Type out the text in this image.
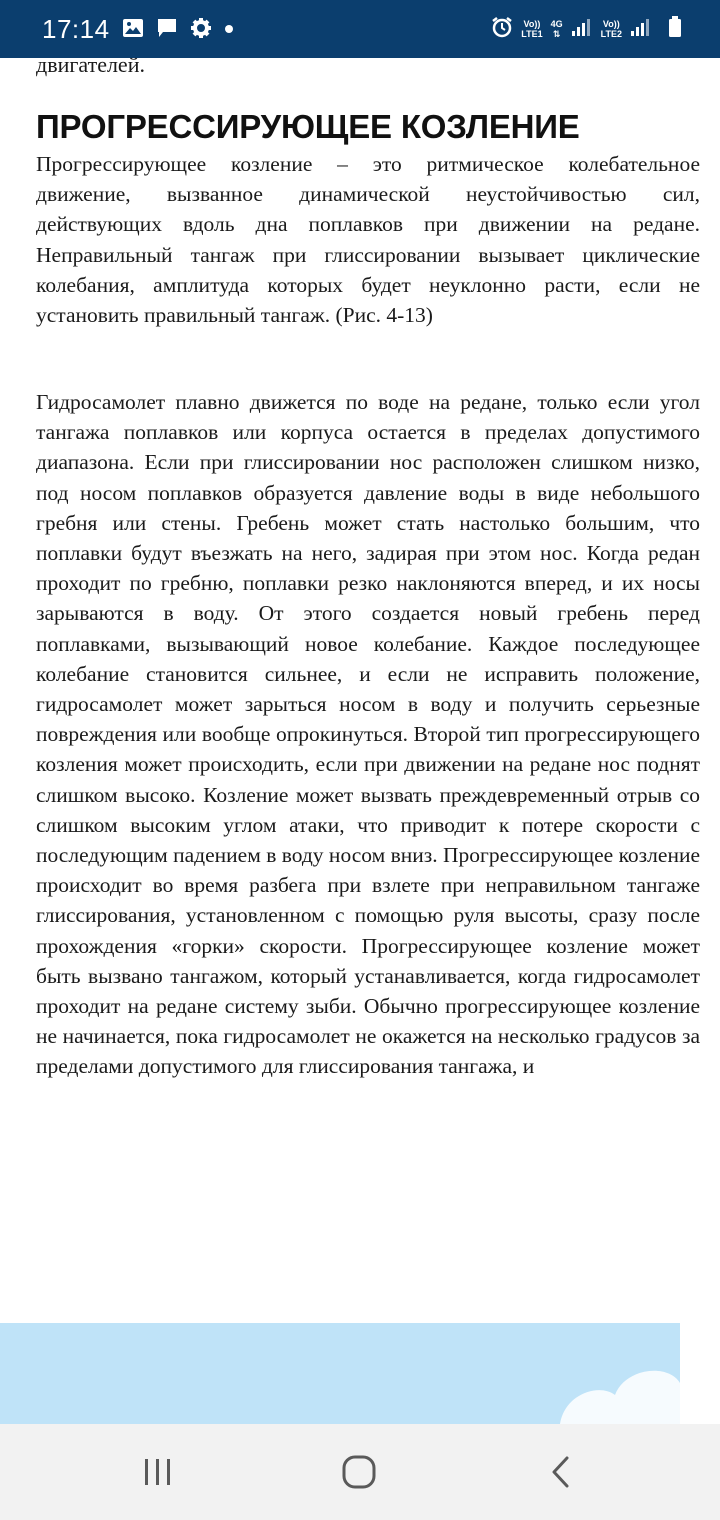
17:14	Vo))
LTE1
4G
⇅
Vo))
LTE2

двигателей.

ПРОГРЕССИРУЮЩЕЕ КОЗЛЕНИЕ

Прогрессирующее козление – это ритмическое колебательное движение, вызванное динамической неустойчивостью сил, действующих вдоль дна поплавков при движении на редане. Неправильный тангаж при глиссировании вызывает циклические колебания, амплитуда которых будет неуклонно расти, если не установить правильный тангаж. (Рис. 4-13)

Гидросамолет плавно движется по воде на редане, только если угол тангажа поплавков или корпуса остается в пределах допустимого диапазона. Если при глиссировании нос расположен слишком низко, под носом поплавков образуется давление воды в виде небольшого гребня или стены. Гребень может стать настолько большим, что поплавки будут въезжать на него, задирая при этом нос. Когда редан проходит по гребню, поплавки резко наклоняются вперед, и их носы зарываются в воду. От этого создается новый гребень перед поплавками, вызывающий новое колебание. Каждое последующее колебание становится сильнее, и если не исправить положение, гидросамолет может зарыться носом в воду и получить серьезные повреждения или вообще опрокинуться. Второй тип прогрессирующего козления может происходить, если при движении на редане нос поднят слишком высоко. Козление может вызвать преждевременный отрыв со слишком высоким углом атаки, что приводит к потере скорости с последующим падением в воду носом вниз. Прогрессирующее козление происходит во время разбега при взлете при неправильном тангаже глиссирования, установленном с помощью руля высоты, сразу после прохождения «горки» скорости. Прогрессирующее козление может быть вызвано тангажом, который устанавливается, когда гидросамолет проходит на редане систему зыби. Обычно прогрессирующее козление не начинается, пока гидросамолет не окажется на несколько градусов за пределами допустимого для глиссирования тангажа, и
